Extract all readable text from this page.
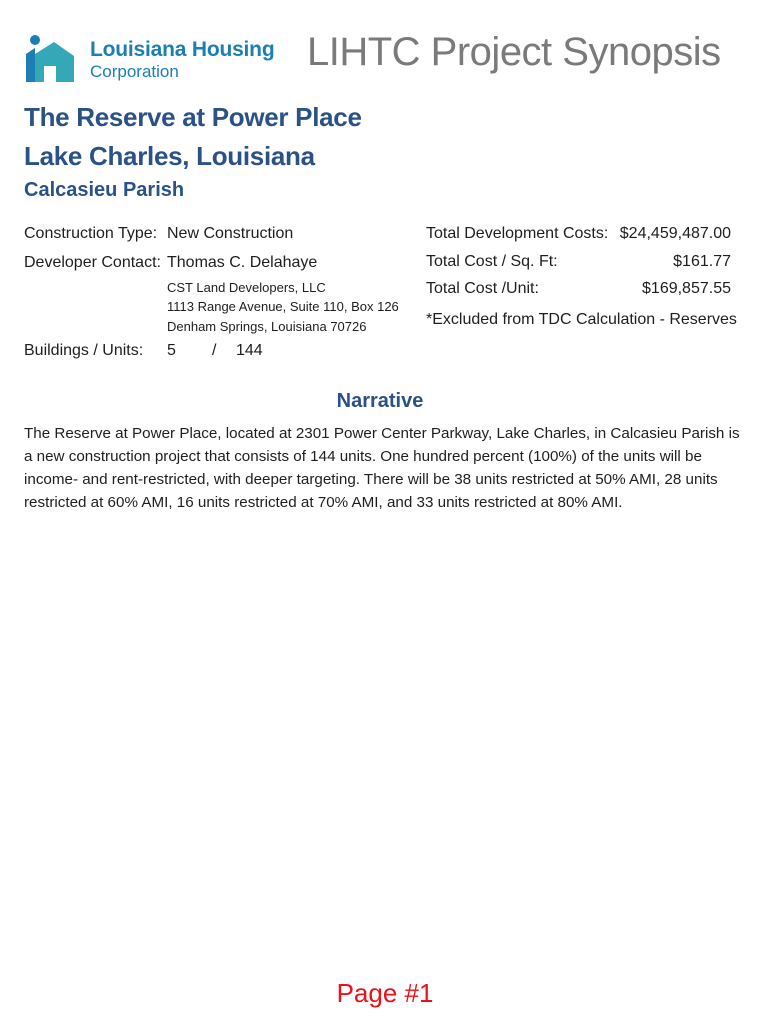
Louisiana Housing
Corporation	LIHTC Project Synopsis
The Reserve at Power Place
Lake Charles, Louisiana
Calcasieu Parish
Construction Type: New Construction
Developer Contact: Thomas C. Delahaye
CST Land Developers, LLC
1113 Range Avenue, Suite 110, Box 126
Denham Springs, Louisiana 70726
Buildings / Units: 5 / 144
Total Development Costs: $24,459,487.00
Total Cost / Sq. Ft:	$161.77
Total Cost /Unit:	$169,857.55
*Excluded from TDC Calculation - Reserves
Narrative
The Reserve at Power Place, located at 2301 Power Center Parkway, Lake Charles, in Calcasieu Parish is a new construction project that consists of 144 units. One hundred percent (100%) of the units will be income- and rent-restricted, with deeper targeting. There will be 38 units restricted at 50% AMI, 28 units restricted at 60% AMI, 16 units restricted at 70% AMI, and 33 units restricted at 80% AMI.
Page #1
